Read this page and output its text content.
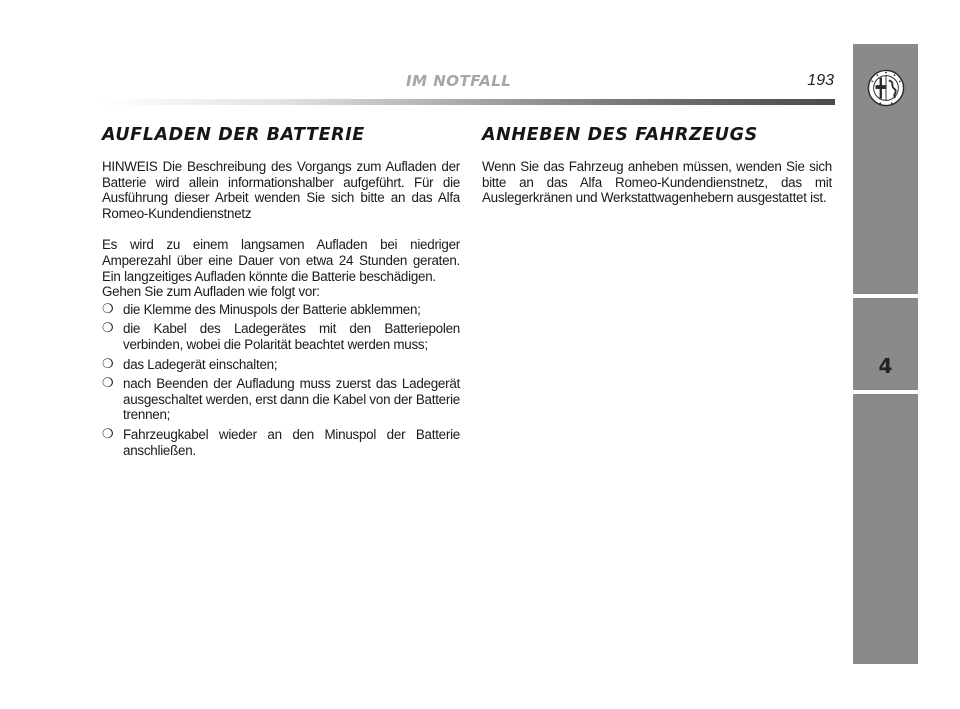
IM NOTFALL	193
4
AUFLADEN DER BATTERIE

HINWEIS Die Beschreibung des Vorgangs zum Aufladen der Batterie wird allein informationshalber aufgeführt. Für die Ausführung dieser Arbeit wenden Sie sich bitte an das Alfa Romeo-Kundendienstnetz

Es wird zu einem langsamen Aufladen bei niedriger Amperezahl über eine Dauer von etwa 24 Stunden geraten. Ein langzeitiges Aufladen könnte die Batterie beschädigen.

Gehen Sie zum Aufladen wie folgt vor:

❍ die Klemme des Minuspols der Batterie abklemmen;
❍ die Kabel des Ladegerätes mit den Batteriepolen verbinden, wobei die Polarität beachtet werden muss;
❍ das Ladegerät einschalten;
❍ nach Beenden der Aufladung muss zuerst das Ladegerät ausgeschaltet werden, erst dann die Kabel von der Batterie trennen;
❍ Fahrzeugkabel wieder an den Minuspol der Batterie anschließen.
ANHEBEN DES FAHRZEUGS

Wenn Sie das Fahrzeug anheben müssen, wenden Sie sich bitte an das Alfa Romeo-Kundendienstnetz, das mit Auslegerkränen und Werkstattwagenhebern ausgestattet ist.
